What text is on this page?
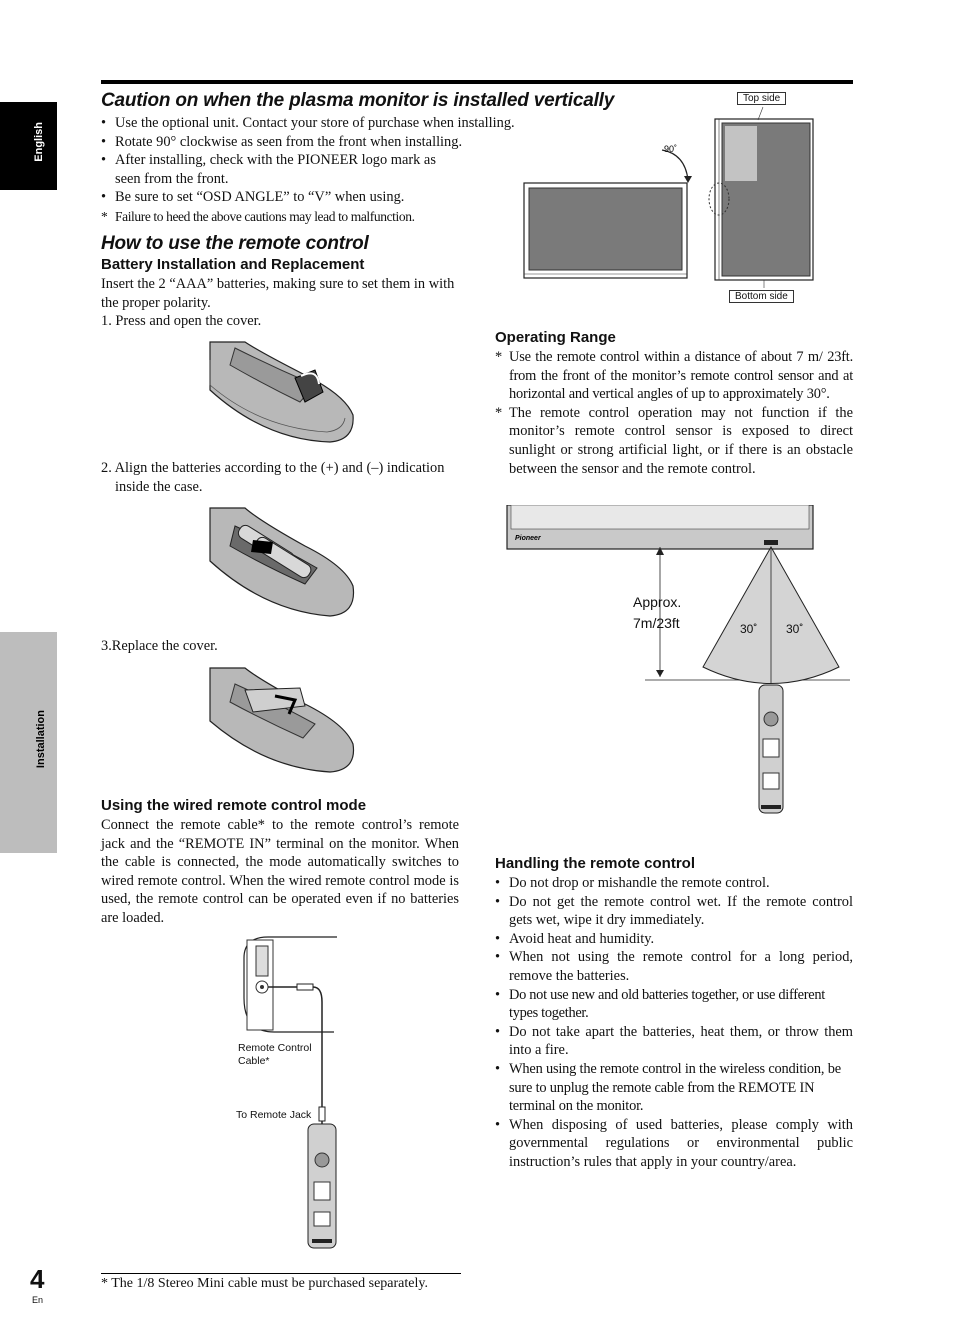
English
Installation
Caution on when the plasma monitor is installed vertically
• Use the optional unit. Contact your store of purchase when installing.
• Rotate 90° clockwise as seen from the front when installing.
• After installing, check with the PIONEER logo mark as seen from the front.
• Be sure to set “OSD ANGLE” to “V” when using.
* Failure to heed the above cautions may lead to malfunction.
90˚
Top side
Bottom side
How to use the remote control
Battery Installation and Replacement
Insert the 2 “AAA” batteries, making sure to set them in with the proper polarity.
1. Press and open the cover.
2. Align the batteries according to the (+) and (–) indication inside the case.
3.Replace the cover.
Using the wired remote control mode
Connect the remote cable* to the remote control’s remote jack and the “REMOTE IN” terminal on the monitor. When the cable is connected, the mode automatically switches to wired remote control. When the wired remote control mode is used, the remote control can be operated even if no batteries are loaded.
Remote Control
Cable*
To Remote Jack
* The 1/8 Stereo Mini cable must be purchased separately.
Operating Range
* Use the remote control within a distance of about 7 m/ 23ft. from the front of the monitor’s remote control sensor and at horizontal and vertical angles of up to approximately 30°.
* The remote control operation may not function if the monitor’s remote control sensor is exposed to direct sunlight or strong artificial light, or if there is an obstacle between the sensor and the remote control.
Pioneer
Approx.
7m/23ft	30˚ 30˚
Handling the remote control
• Do not drop or mishandle the remote control.
• Do not get the remote control wet. If the remote control gets wet, wipe it dry immediately.
• Avoid heat and humidity.
• When not using the remote control for a long period, remove the batteries.
• Do not use new and old batteries together, or use different types together.
• Do not take apart the batteries, heat them, or throw them into a fire.
• When using the remote control in the wireless condition, be sure to unplug the remote cable from the REMOTE IN terminal on the monitor.
• When disposing of used batteries, please comply with governmental regulations or environmental public instruction’s rules that apply in your country/area.
4
En
